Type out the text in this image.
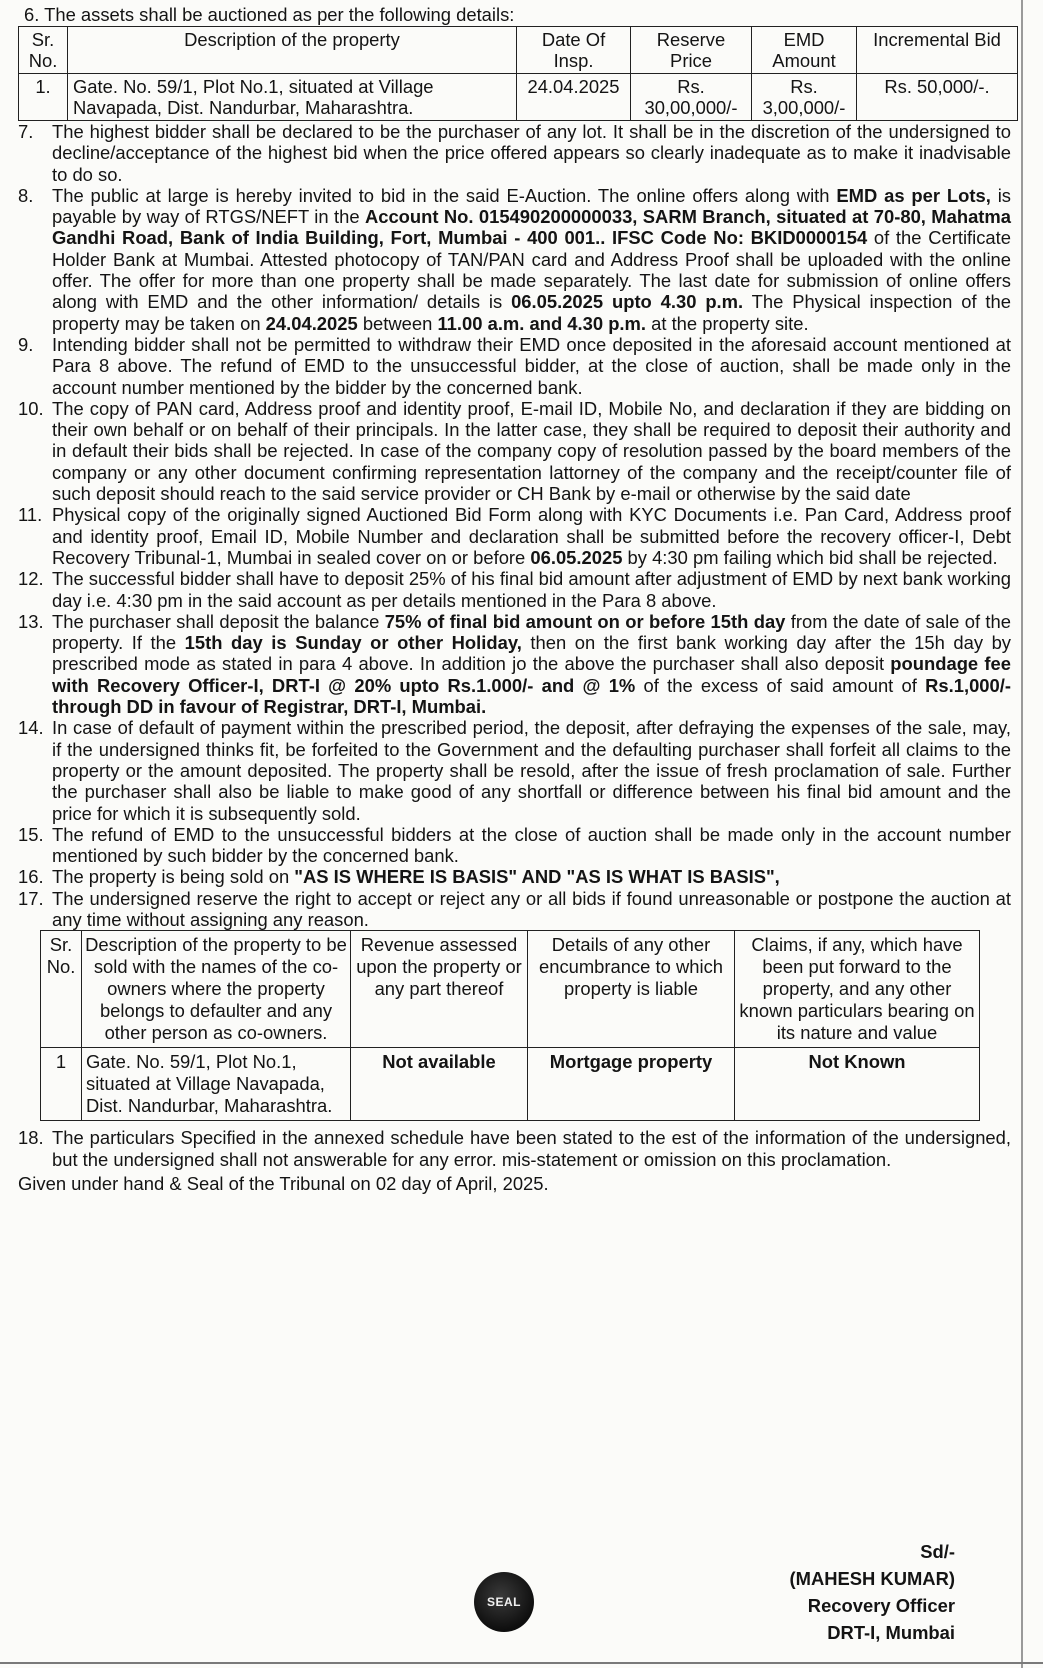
6. The assets shall be auctioned as per the following details:
Sr. No.	Description of the property	Date Of Insp.	Reserve Price	EMD Amount	Incremental Bid
1.	Gate. No. 59/1, Plot No.1, situated at Village Navapada, Dist. Nandurbar, Maharashtra.	24.04.2025	Rs. 30,00,000/-	Rs. 3,00,000/-	Rs. 50,000/-.
7.	The highest bidder shall be declared to be the purchaser of any lot. It shall be in the discretion of the undersigned to decline/acceptance of the highest bid when the price offered appears so clearly inadequate as to make it inadvisable to do so.
8.	The public at large is hereby invited to bid in the said E-Auction. The online offers along with EMD as per Lots, is payable by way of RTGS/NEFT in the Account No. 015490200000033, SARM Branch, situated at 70-80, Mahatma Gandhi Road, Bank of India Building, Fort, Mumbai - 400 001.. IFSC Code No: BKID0000154 of the Certificate Holder Bank at Mumbai. Attested photocopy of TAN/PAN card and Address Proof shall be uploaded with the online offer. The offer for more than one property shall be made separately. The last date for submission of online offers along with EMD and the other information/ details is 06.05.2025 upto 4.30 p.m. The Physical inspection of the property may be taken on 24.04.2025 between 11.00 a.m. and 4.30 p.m. at the property site.
9.	Intending bidder shall not be permitted to withdraw their EMD once deposited in the aforesaid account mentioned at Para 8 above. The refund of EMD to the unsuccessful bidder, at the close of auction, shall be made only in the account number mentioned by the bidder by the concerned bank.
10. The copy of PAN card, Address proof and identity proof, E-mail ID, Mobile No, and declaration if they are bidding on their own behalf or on behalf of their principals. In the latter case, they shall be required to deposit their authority and in default their bids shall be rejected. In case of the company copy of resolution passed by the board members of the company or any other document confirming representation lattorney of the company and the receipt/counter file of such deposit should reach to the said service provider or CH Bank by e-mail or otherwise by the said date
11. Physical copy of the originally signed Auctioned Bid Form along with KYC Documents i.e. Pan Card, Address proof and identity proof, Email ID, Mobile Number and declaration shall be submitted before the recovery officer-I, Debt Recovery Tribunal-1, Mumbai in sealed cover on or before 06.05.2025 by 4:30 pm failing which bid shall be rejected.
12. The successful bidder shall have to deposit 25% of his final bid amount after adjustment of EMD by next bank working day i.e. 4:30 pm in the said account as per details mentioned in the Para 8 above.
13. The purchaser shall deposit the balance 75% of final bid amount on or before 15th day from the date of sale of the property. If the 15th day is Sunday or other Holiday, then on the first bank working day after the 15h day by prescribed mode as stated in para 4 above. In addition jo the above the purchaser shall also deposit poundage fee with Recovery Officer-I, DRT-I @ 20% upto Rs.1.000/- and @ 1% of the excess of said amount of Rs.1,000/-through DD in favour of Registrar, DRT-I, Mumbai.
14. In case of default of payment within the prescribed period, the deposit, after defraying the expenses of the sale, may, if the undersigned thinks fit, be forfeited to the Government and the defaulting purchaser shall forfeit all claims to the property or the amount deposited. The property shall be resold, after the issue of fresh proclamation of sale. Further the purchaser shall also be liable to make good of any shortfall or difference between his final bid amount and the price for which it is subsequently sold.
15. The refund of EMD to the unsuccessful bidders at the close of auction shall be made only in the account number mentioned by such bidder by the concerned bank.
16. The property is being sold on "AS IS WHERE IS BASIS" AND "AS IS WHAT IS BASIS",
17. The undersigned reserve the right to accept or reject any or all bids if found unreasonable or postpone the auction at any time without assigning any reason.
Sr. No.	Description of the property to be sold with the names of the co-owners where the property belongs to defaulter and any other person as co-owners.	Revenue assessed upon the property or any part thereof	Details of any other encumbrance to which property is liable	Claims, if any, which have been put forward to the property, and any other known particulars bearing on its nature and value
1	Gate. No. 59/1, Plot No.1, situated at Village Navapada, Dist. Nandurbar, Maharashtra.	Not available	Mortgage property	Not Known
18. The particulars Specified in the annexed schedule have been stated to the est of the information of the undersigned, but the undersigned shall not answerable for any error. mis-statement or omission on this proclamation.
Given under hand & Seal of the Tribunal on 02 day of April, 2025.
Sd/-
(MAHESH KUMAR)
Recovery Officer
DRT-I, Mumbai
SEAL
